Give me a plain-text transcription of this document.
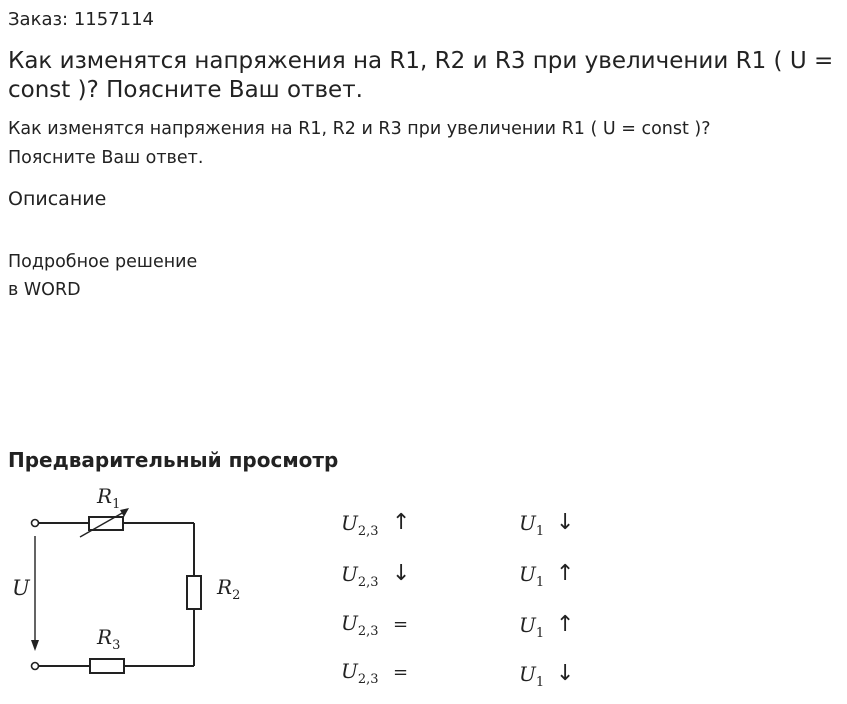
Заказ: 1157114
Как изменятся напряжения на R1, R2 и R3 при увеличении R1 ( U = const )? Поясните Ваш ответ.
Как изменятся напряжения на R1, R2 и R3 при увеличении R1 ( U = const )?
Поясните Ваш ответ.
Описание
Подробное решение
в WORD
Предварительный просмотр
$R_1$
$R_2$
$R_3$
U
$U_{2,3}$ ↑	$U_1$ ↓
$U_{2,3}$ ↓	$U_1$ ↑
$U_{2,3}$ =	$U_1$ ↑
$U_{2,3}$ =	$U_1$ ↓
